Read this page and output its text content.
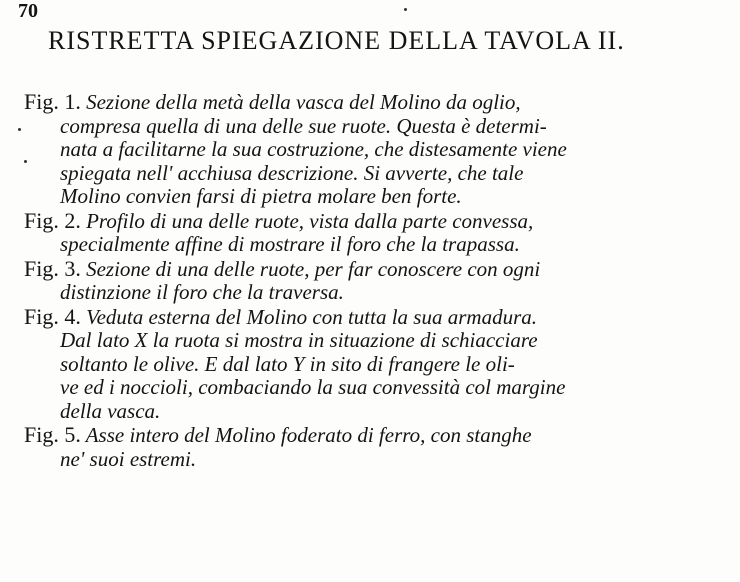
70
RISTRETTA SPIEGAZIONE DELLA TAVOLA II.
Fig. 1. Sezione della metà della vasca del Molino da oglio,
compresa quella di una delle sue ruote. Questa è determi-
nata a facilitarne la sua costruzione, che distesamente viene
spiegata nell' acchiusa descrizione. Si avverte, che tale
Molino convien farsi di pietra molare ben forte.
Fig. 2. Profilo di una delle ruote, vista dalla parte convessa,
specialmente affine di mostrare il foro che la trapassa.
Fig. 3. Sezione di una delle ruote, per far conoscere con ogni
distinzione il foro che la traversa.
Fig. 4. Veduta esterna del Molino con tutta la sua armadura.
Dal lato X la ruota si mostra in situazione di schiacciare
soltanto le olive. E dal lato Y in sito di frangere le oli-
ve ed i noccioli, combaciando la sua convessità col margine
della vasca.
Fig. 5. Asse intero del Molino foderato di ferro, con stanghe
ne' suoi estremi.
